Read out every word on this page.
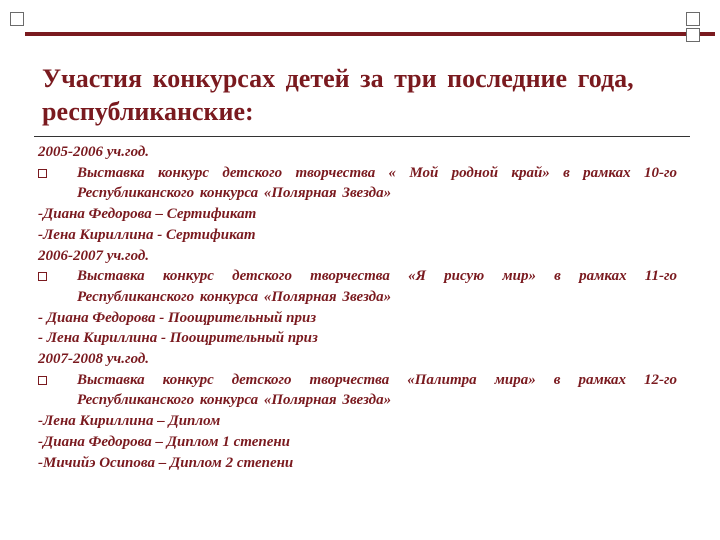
Участия конкурсах детей за три последние года, республиканские:
2005-2006 уч.год.
Выставка конкурс детского творчества « Мой родной край» в рамках 10-го Республиканского конкурса «Полярная Звезда»
-Диана Федорова – Сертификат
-Лена Кириллина - Сертификат
2006-2007 уч.год.
Выставка конкурс детского творчества «Я рисую мир» в рамках 11-го Республиканского конкурса «Полярная Звезда»
- Диана Федорова - Поощрительный приз
- Лена Кириллина - Поощрительный приз
2007-2008 уч.год.
Выставка конкурс детского творчества «Палитра мира» в рамках 12-го Республиканского конкурса «Полярная Звезда»
-Лена Кириллина – Диплом
-Диана Федорова – Диплом 1 степени
-Мичийэ Осипова – Диплом 2 степени
